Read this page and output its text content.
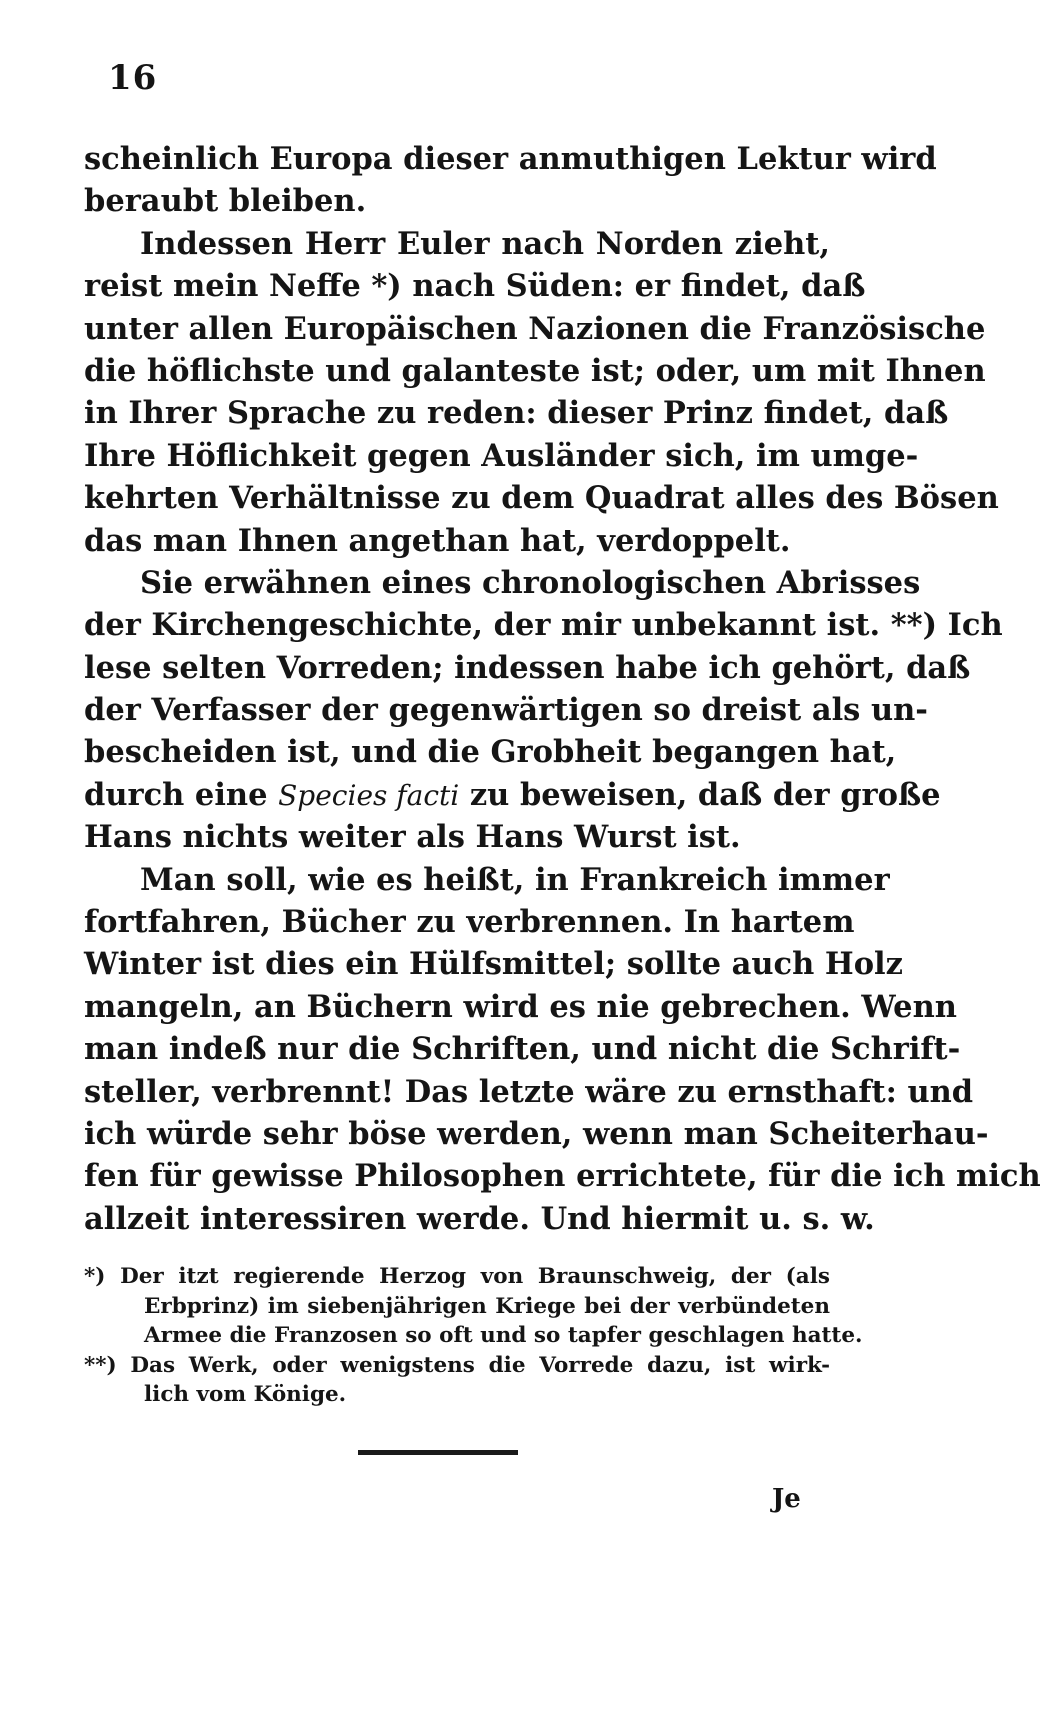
16
scheinlich Europa dieser anmuthigen Lektur wird
beraubt bleiben.
Indessen Herr Euler nach Norden zieht,
reist mein Neffe *) nach Süden: er findet, daß
unter allen Europäischen Nazionen die Französische
die höflichste und galanteste ist; oder, um mit Ihnen
in Ihrer Sprache zu reden: dieser Prinz findet, daß
Ihre Höflichkeit gegen Ausländer sich, im umge-
kehrten Verhältnisse zu dem Quadrat alles des Bösen
das man Ihnen angethan hat, verdoppelt.
Sie erwähnen eines chronologischen Abrisses
der Kirchengeschichte, der mir unbekannt ist. **) Ich
lese selten Vorreden; indessen habe ich gehört, daß
der Verfasser der gegenwärtigen so dreist als un-
bescheiden ist, und die Grobheit begangen hat,
durch eine Species facti zu beweisen, daß der große
Hans nichts weiter als Hans Wurst ist.
Man soll, wie es heißt, in Frankreich immer
fortfahren, Bücher zu verbrennen. In hartem
Winter ist dies ein Hülfsmittel; sollte auch Holz
mangeln, an Büchern wird es nie gebrechen. Wenn
man indeß nur die Schriften, und nicht die Schrift-
steller, verbrennt! Das letzte wäre zu ernsthaft: und
ich würde sehr böse werden, wenn man Scheiterhau-
fen für gewisse Philosophen errichtete, für die ich mich
allzeit interessiren werde. Und hiermit u. s. w.
*) Der itzt regierende Herzog von Braunschweig, der (als
Erbprinz) im siebenjährigen Kriege bei der verbündeten
Armee die Franzosen so oft und so tapfer geschlagen hatte.
**) Das Werk, oder wenigstens die Vorrede dazu, ist wirk-
lich vom Könige.
Je
